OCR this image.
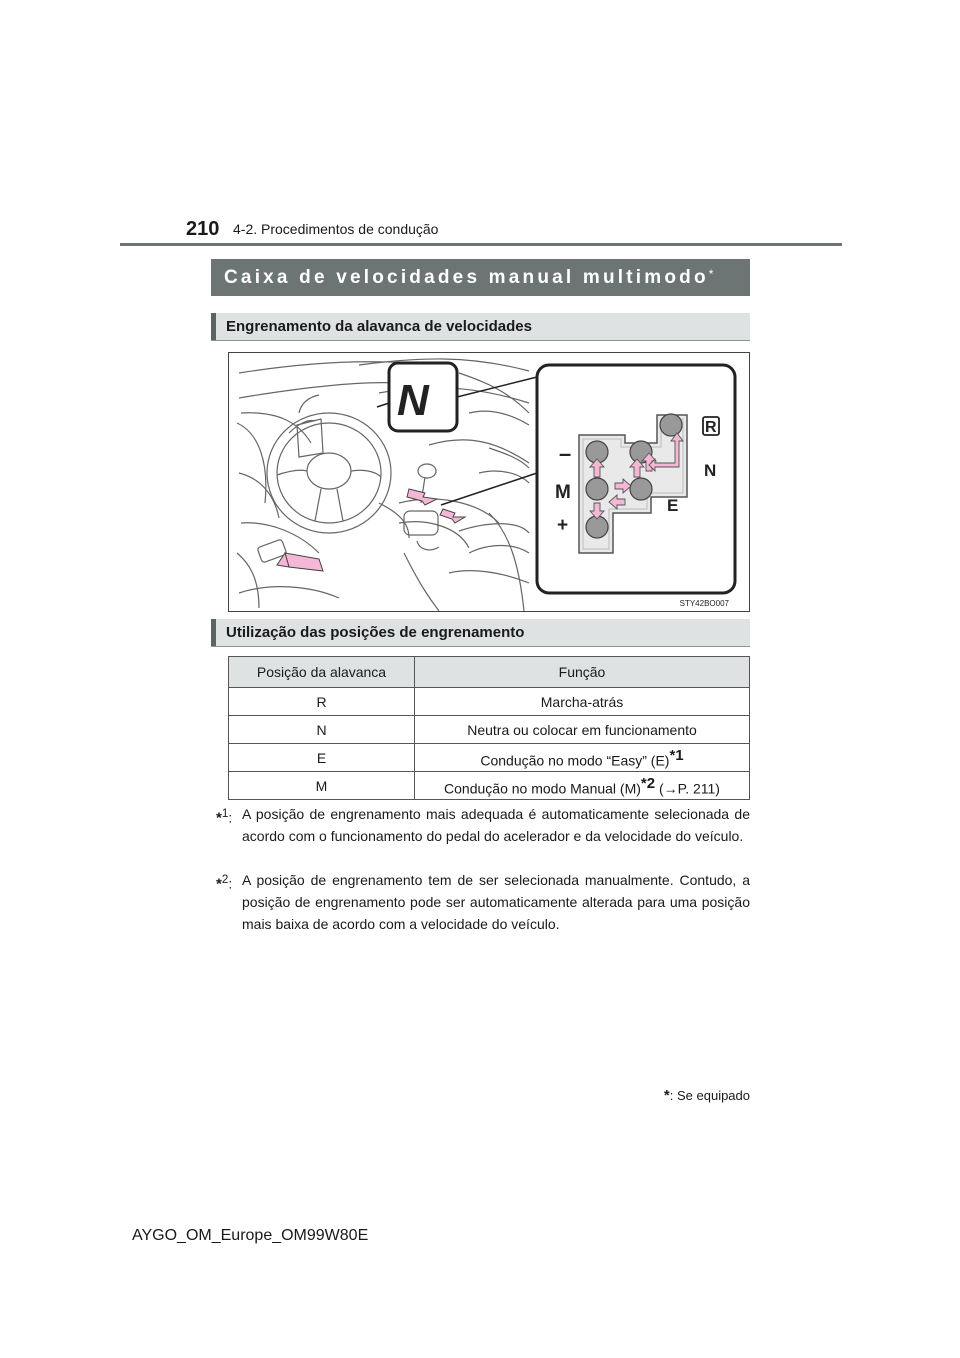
210 4-2. Procedimentos de condução
Caixa de velocidades manual multimodo*
Engrenamento da alavanca de velocidades
–
M
+
R
N
E
N
STY42BO007
Utilização das posições de engrenamento
Posição da alavanca	Função
R	Marcha-atrás
N	Neutra ou colocar em funcionamento
E	Condução no modo “Easy” $(E)^{*1}$
M	Condução no modo Manual $(M)^{*2}$ (→P. 211)
*$^1$: A posição de engrenamento mais adequada é automaticamente selecionada de acordo com o funcionamento do pedal do acelerador e da velocidade do veículo.
*$^2$: A posição de engrenamento tem de ser selecionada manualmente. Contudo, a posição de engrenamento pode ser automaticamente alterada para uma posição mais baixa de acordo com a velocidade do veículo.
*: Se equipado
AYGO_OM_Europe_OM99W80E
